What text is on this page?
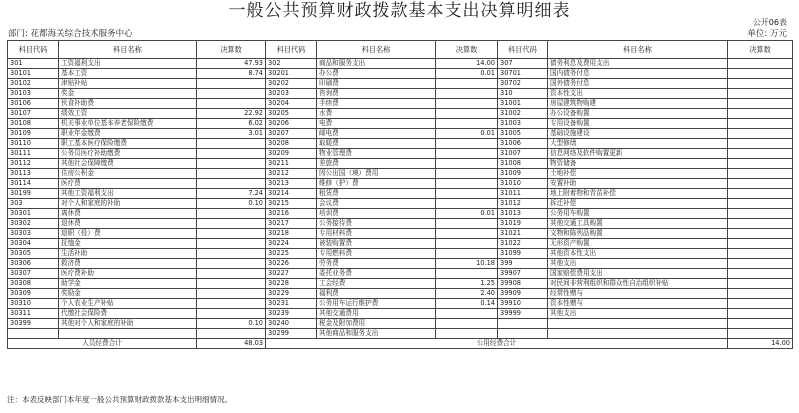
一般公共预算财政拨款基本支出决算明细表
公开06表
部门: 花都海关综合技术服务中心	单位: 万元
科目代码	科目名称	决算数	科目代码	科目名称	决算数	科目代码	科目名称	决算数
301	工资福利支出	47.93	302	商品和服务支出	14.00	307	债务利息及费用支出	
30101	基本工资	8.74	30201	办公费	0.01	30701	国内债务付息	
30102	津贴补贴		30202	印刷费		30702	国外债务付息	
30103	奖金		30203	咨询费		310	资本性支出	
30106	伙食补助费		30204	手续费		31001	房屋建筑物购建	
30107	绩效工资	22.92	30205	水费		31002	办公设备购置	
30108	机关事业单位基本养老保险缴费	6.02	30206	电费		31003	专用设备购置	
30109	职业年金缴费	3.01	30207	邮电费	0.01	31005	基础设施建设	
30110	职工基本医疗保险缴费		30208	取暖费		31006	大型修缮	
30111	公务员医疗补助缴费		30209	物业管理费		31007	信息网络及软件购置更新	
30112	其他社会保障缴费		30211	差旅费		31008	物资储备	
30113	住房公积金		30212	因公出国（境）费用		31009	土地补偿	
30114	医疗费		30213	维修（护）费		31010	安置补助	
30199	其他工资福利支出	7.24	30214	租赁费		31011	地上附着物和青苗补偿	
303	对个人和家庭的补助	0.10	30215	会议费		31012	拆迁补偿	
30301	离休费		30216	培训费	0.01	31013	公务用车购置	
30302	退休费		30217	公务接待费		31019	其他交通工具购置	
30303	退职（役）费		30218	专用材料费		31021	文物和陈列品购置	
30304	抚恤金		30224	被装购置费		31022	无形资产购置	
30305	生活补助		30225	专用燃料费		31099	其他资本性支出	
30306	救济费		30226	劳务费	10.18	399	其他支出	
30307	医疗费补助		30227	委托业务费		39907	国家赔偿费用支出	
30308	助学金		30228	工会经费	1.25	39908	对民间非营利组织和群众性自治组织补贴	
30309	奖励金		30229	福利费	2.40	39909	经常性赠与	
30310	个人农业生产补贴		30231	公务用车运行维护费	0.14	39910	资本性赠与	
30311	代缴社会保险费		30239	其他交通费用		39999	其他支出	
30399	其他对个人和家庭的补助	0.10	30240	税金及附加费用				
			30299	其他商品和服务支出				
人员经费合计		48.03	公用经费合计					14.00
注：本表反映部门本年度一般公共预算财政拨款基本支出明细情况。
